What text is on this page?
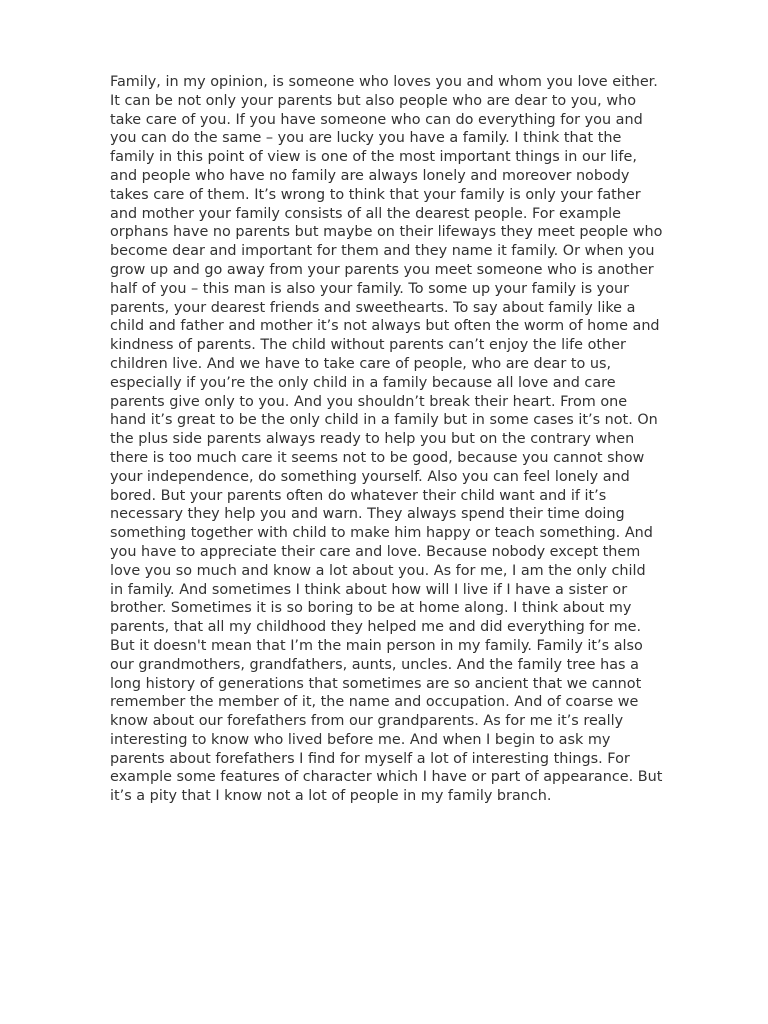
Family, in my opinion, is someone who loves you and whom you love either.
It can be not only your parents but also people who are dear to you, who
take care of you. If you have someone who can do everything for you and
you can do the same – you are lucky you have a family. I think that the
family in this point of view is one of the most important things in our life,
and people who have no family are always lonely and moreover nobody
takes care of them. It’s wrong to think that your family is only your father
and mother your family consists of all the dearest people. For example
orphans have no parents but maybe on their lifeways they meet people who
become dear and important for them and they name it family. Or when you
grow up and go away from your parents you meet someone who is another
half of you – this man is also your family. To some up your family is your
parents, your dearest friends and sweethearts. To say about family like a
child and father and mother it’s not always but often the worm of home and
kindness of parents. The child without parents can’t enjoy the life other
children live. And we have to take care of people, who are dear to us,
especially if you’re the only child in a family because all love and care
parents give only to you. And you shouldn’t break their heart. From one
hand it’s great to be the only child in a family but in some cases it’s not. On
the plus side parents always ready to help you but on the contrary when
there is too much care it seems not to be good, because you cannot show
your independence, do something yourself. Also you can feel lonely and
bored. But your parents often do whatever their child want and if it’s
necessary they help you and warn. They always spend their time doing
something together with child to make him happy or teach something. And
you have to appreciate their care and love. Because nobody except them
love you so much and know a lot about you. As for me, I am the only child
in family. And sometimes I think about how will I live if I have a sister or
brother. Sometimes it is so boring to be at home along. I think about my
parents, that all my childhood they helped me and did everything for me.
But it doesn't mean that I’m the main person in my family. Family it’s also
our grandmothers, grandfathers, aunts, uncles. And the family tree has a
long history of generations that sometimes are so ancient that we cannot
remember the member of it, the name and occupation. And of coarse we
know about our forefathers from our grandparents. As for me it’s really
interesting to know who lived before me. And when I begin to ask my
parents about forefathers I find for myself a lot of interesting things. For
example some features of character which I have or part of appearance. But
it’s a pity that I know not a lot of people in my family branch.
